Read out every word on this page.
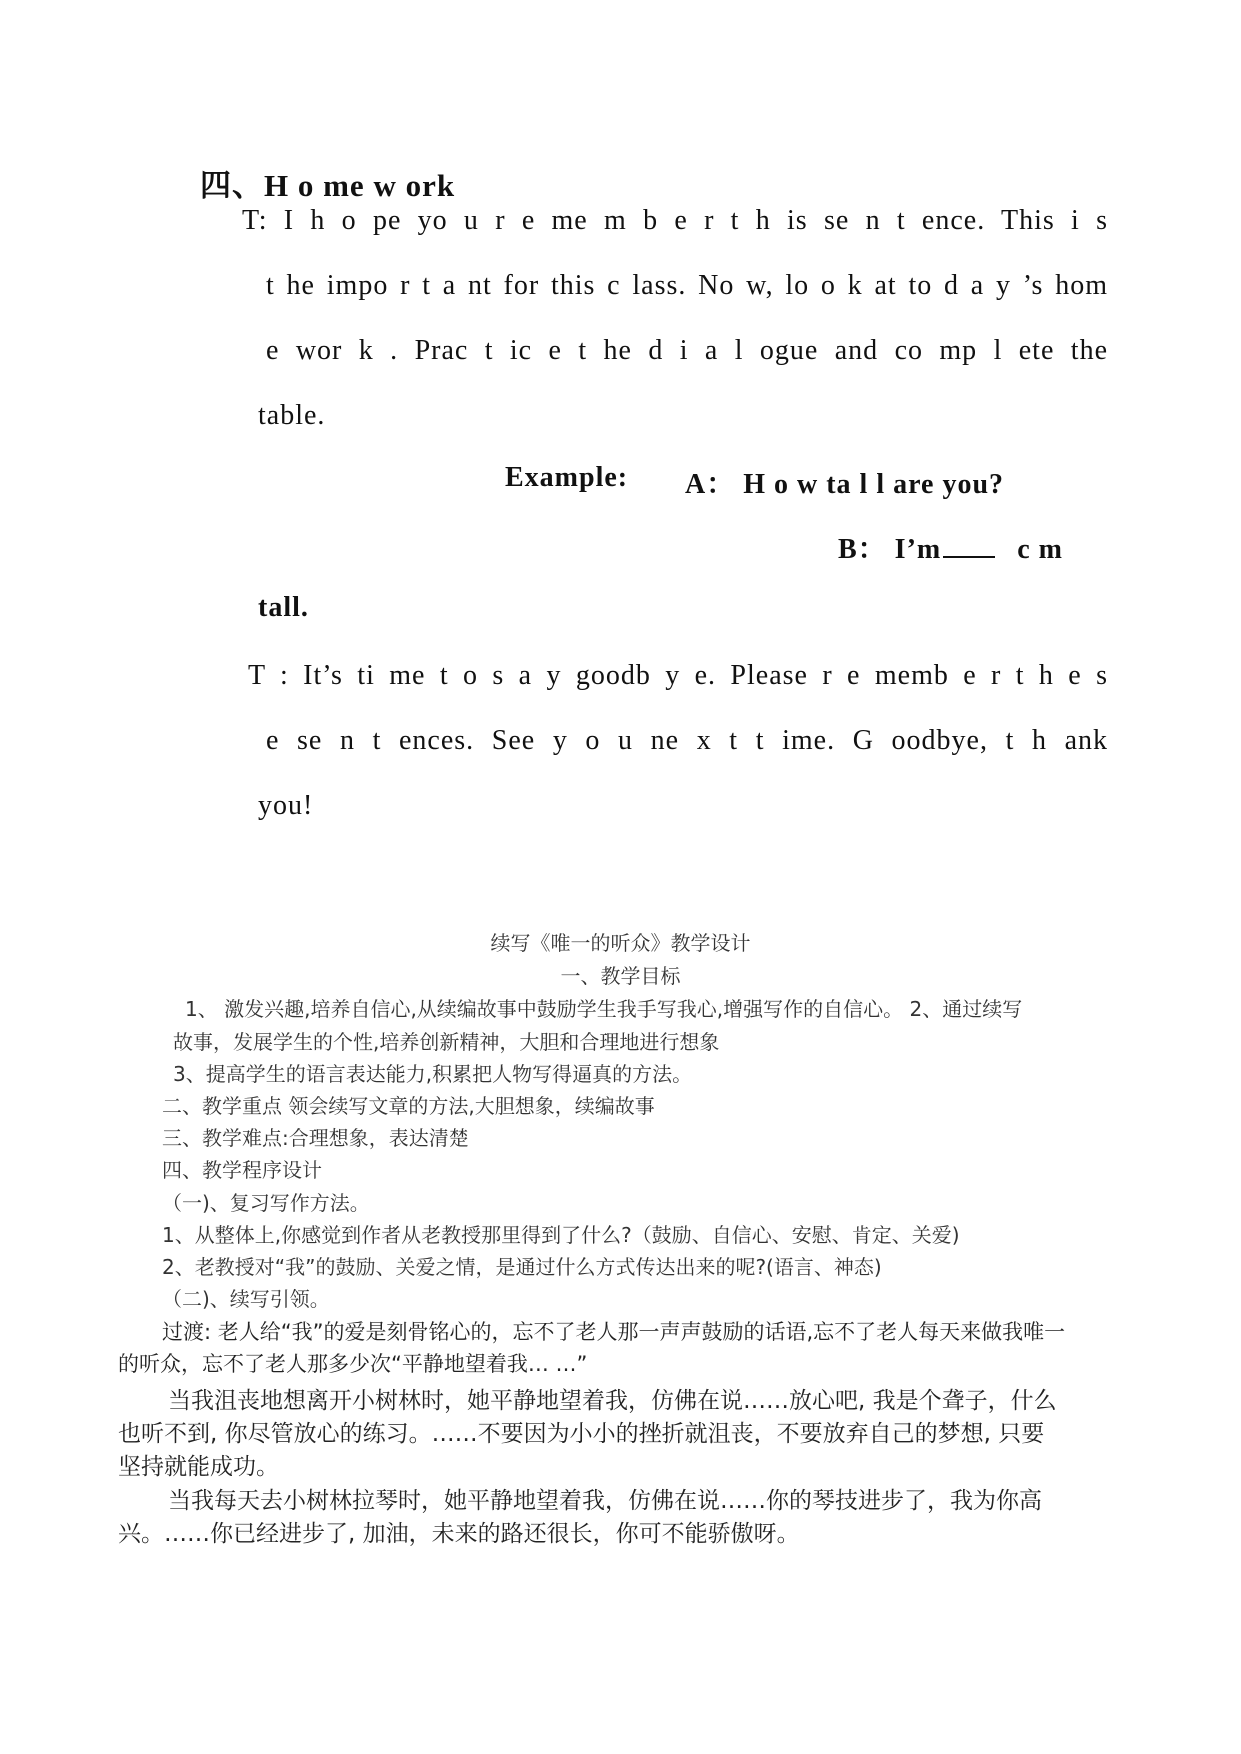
四、H o me w ork
T: I h o pe yo u r e me m b e r t h is se n t ence. This i s
t he impo r t a nt for this c lass. No w, lo o k at to d a y ’s hom
e wor k . Prac t ic e t he d i a l ogue and co mp l ete the
table.
Example: A： H o w ta l l are you?
B： I’m	c m
tall.
T : It’s ti me t o s a y goodb y e. Please r e memb e r t h e s
e se n t ences. See y o u ne x t t ime. G oodbye, t h ank
you!
续写《唯一的听众》教学设计
一、教学目标
1、 激发兴趣,培养自信心,从续编故事中鼓励学生我手写我心,增强写作的自信心。 2、通过续写
故事，发展学生的个性,培养创新精神，大胆和合理地进行想象
3、提高学生的语言表达能力,积累把人物写得逼真的方法。
二、教学重点 领会续写文章的方法,大胆想象，续编故事
三、教学难点:合理想象，表达清楚
四、教学程序设计
（一)、复习写作方法。
1、从整体上,你感觉到作者从老教授那里得到了什么?（鼓励、自信心、安慰、肯定、关爱)
2、老教授对“我”的鼓励、关爱之情，是通过什么方式传达出来的呢?(语言、神态)
（二)、续写引领。
过渡: 老人给“我”的爱是刻骨铭心的，忘不了老人那一声声鼓励的话语,忘不了老人每天来做我唯一
的听众，忘不了老人那多少次“平静地望着我… …”
当我沮丧地想离开小树林时，她平静地望着我，仿佛在说……放心吧, 我是个聋子，什么
也听不到, 你尽管放心的练习。……不要因为小小的挫折就沮丧，不要放弃自己的梦想, 只要
坚持就能成功。
当我每天去小树林拉琴时，她平静地望着我，仿佛在说……你的琴技进步了，我为你高
兴。……你已经进步了, 加油，未来的路还很长，你可不能骄傲呀。
